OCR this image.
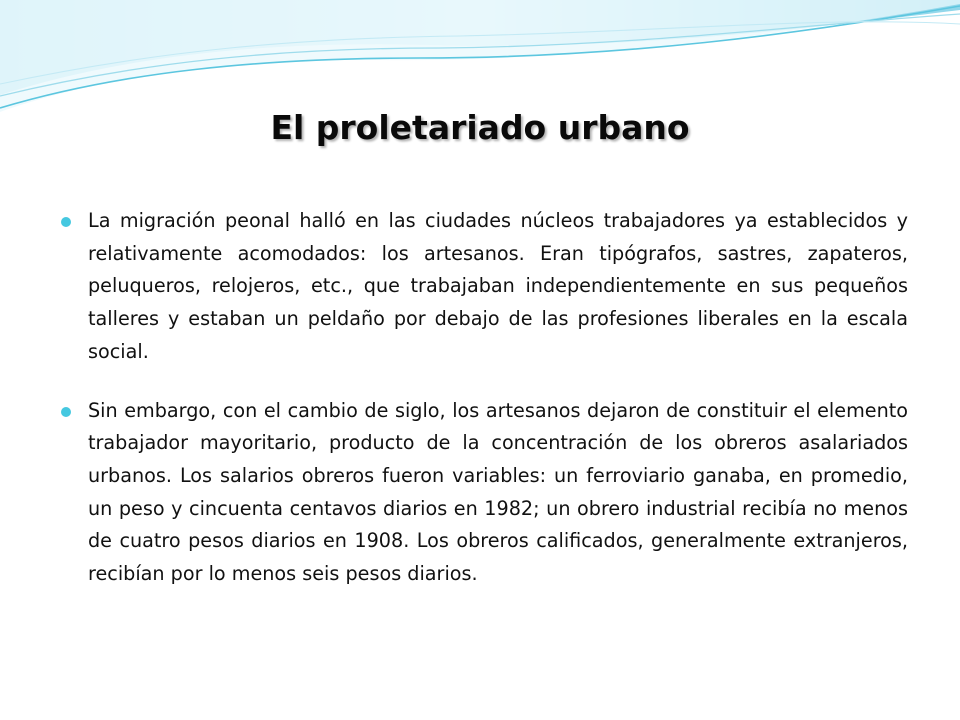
El proletariado urbano

La migración peonal halló en las ciudades núcleos trabajadores ya establecidos y relativamente acomodados: los artesanos. Eran tipógrafos, sastres, zapateros, peluqueros, relojeros, etc., que trabajaban independientemente en sus pequeños talleres y estaban un peldaño por debajo de las profesiones liberales en la escala social.

Sin embargo, con el cambio de siglo, los artesanos dejaron de constituir el elemento trabajador mayoritario, producto de la concentración de los obreros asalariados urbanos. Los salarios obreros fueron variables: un ferroviario ganaba, en promedio, un peso y cincuenta centavos diarios en 1982; un obrero industrial recibía no menos de cuatro pesos diarios en 1908. Los obreros calificados, generalmente extranjeros, recibían por lo menos seis pesos diarios.
